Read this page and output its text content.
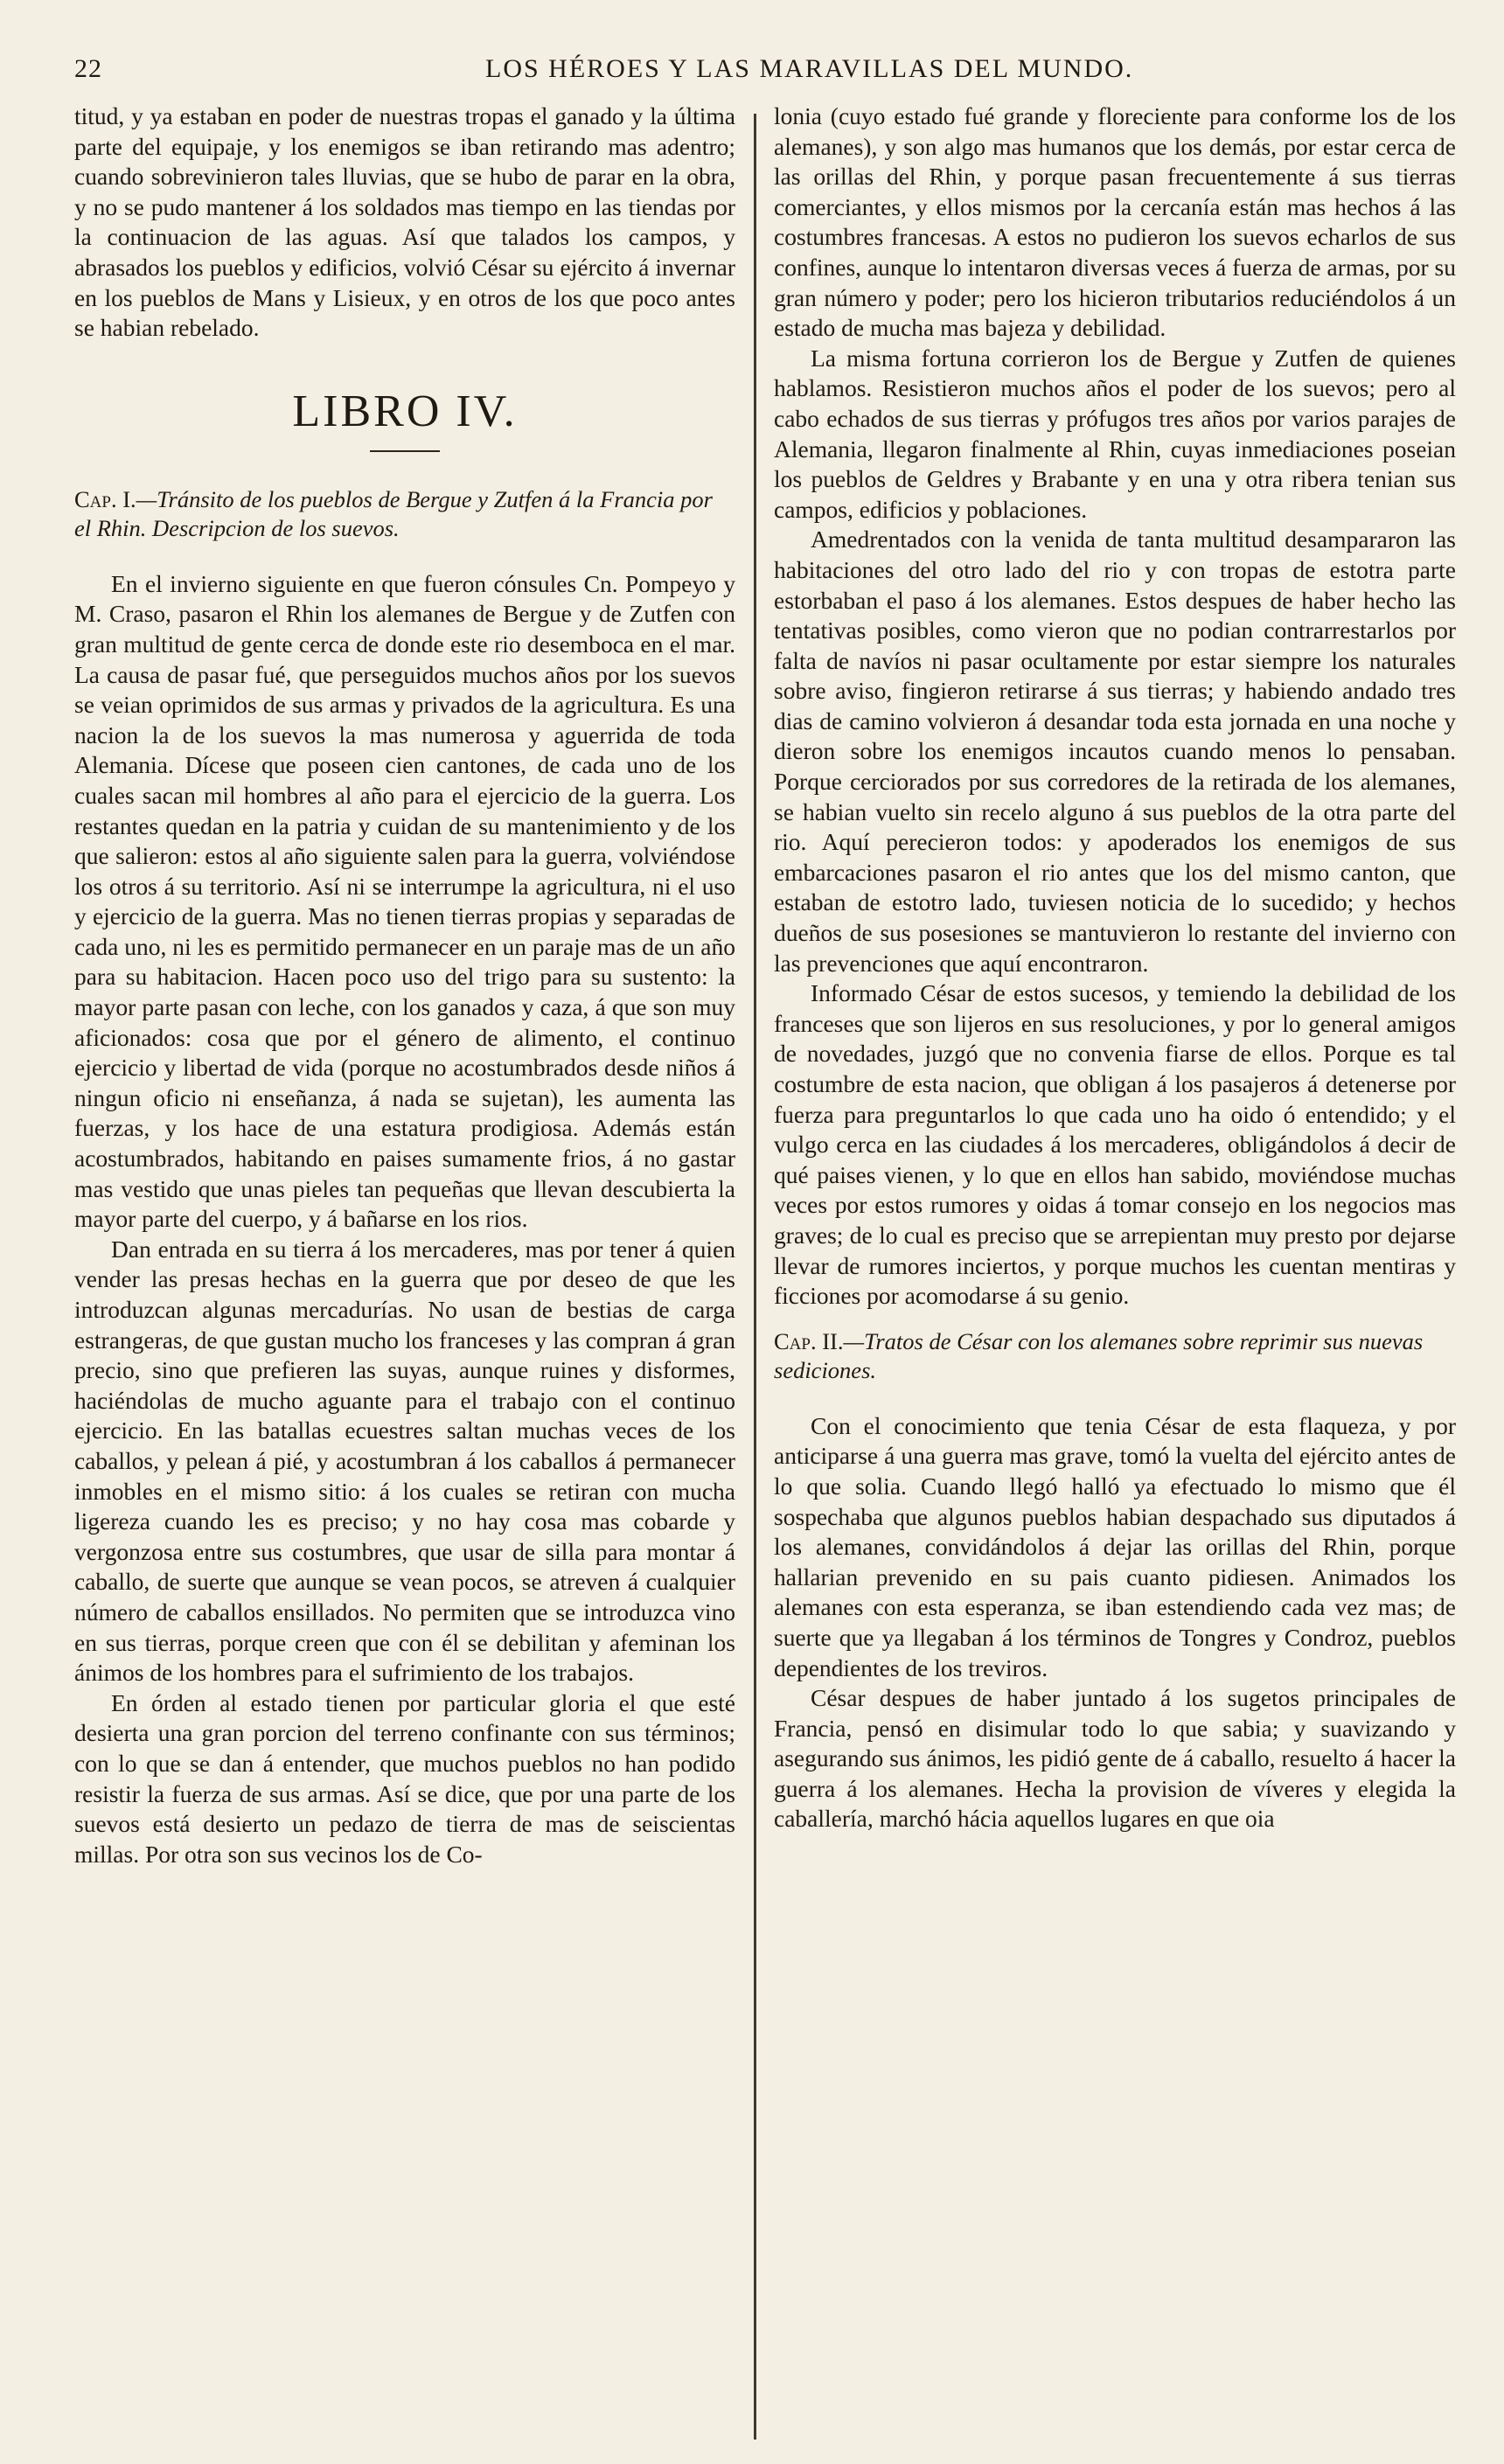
22	LOS HÉROES Y LAS MARAVILLAS DEL MUNDO.

titud, y ya estaban en poder de nuestras tropas el ganado y la última parte del equipaje, y los enemigos se iban retirando mas adentro; cuando sobrevinieron tales lluvias, que se hubo de parar en la obra, y no se pudo mantener á los soldados mas tiempo en las tiendas por la continuacion de las aguas. Así que talados los campos, y abrasados los pueblos y edificios, volvió César su ejército á invernar en los pueblos de Mans y Lisieux, y en otros de los que poco antes se habian rebelado.

LIBRO IV.
Cap. I.—Tránsito de los pueblos de Bergue y Zutfen á la Francia por el Rhin. Descripcion de los suevos.

En el invierno siguiente en que fueron cónsules Cn. Pompeyo y M. Craso, pasaron el Rhin los alemanes de Bergue y de Zutfen con gran multitud de gente cerca de donde este rio desemboca en el mar. La causa de pasar fué, que perseguidos muchos años por los suevos se veian oprimidos de sus armas y privados de la agricultura. Es una nacion la de los suevos la mas numerosa y aguerrida de toda Alemania. Dícese que poseen cien cantones, de cada uno de los cuales sacan mil hombres al año para el ejercicio de la guerra. Los restantes quedan en la patria y cuidan de su mantenimiento y de los que salieron: estos al año siguiente salen para la guerra, volviéndose los otros á su territorio. Así ni se interrumpe la agricultura, ni el uso y ejercicio de la guerra. Mas no tienen tierras propias y separadas de cada uno, ni les es permitido permanecer en un paraje mas de un año para su habitacion. Hacen poco uso del trigo para su sustento: la mayor parte pasan con leche, con los ganados y caza, á que son muy aficionados: cosa que por el género de alimento, el continuo ejercicio y libertad de vida (porque no acostumbrados desde niños á ningun oficio ni enseñanza, á nada se sujetan), les aumenta las fuerzas, y los hace de una estatura prodigiosa. Además están acostumbrados, habitando en paises sumamente frios, á no gastar mas vestido que unas pieles tan pequeñas que llevan descubierta la mayor parte del cuerpo, y á bañarse en los rios.

Dan entrada en su tierra á los mercaderes, mas por tener á quien vender las presas hechas en la guerra que por deseo de que les introduzcan algunas mercadurías. No usan de bestias de carga estrangeras, de que gustan mucho los franceses y las compran á gran precio, sino que prefieren las suyas, aunque ruines y disformes, haciéndolas de mucho aguante para el trabajo con el continuo ejercicio. En las batallas ecuestres saltan muchas veces de los caballos, y pelean á pié, y acostumbran á los caballos á permanecer inmobles en el mismo sitio: á los cuales se retiran con mucha ligereza cuando les es preciso; y no hay cosa mas cobarde y vergonzosa entre sus costumbres, que usar de silla para montar á caballo, de suerte que aunque se vean pocos, se atreven á cualquier número de caballos ensillados. No permiten que se introduzca vino en sus tierras, porque creen que con él se debilitan y afeminan los ánimos de los hombres para el sufrimiento de los trabajos.

En órden al estado tienen por particular gloria el que esté desierta una gran porcion del terreno confinante con sus términos; con lo que se dan á entender, que muchos pueblos no han podido resistir la fuerza de sus armas. Así se dice, que por una parte de los suevos está desierto un pedazo de tierra de mas de seiscientas millas. Por otra son sus vecinos los de Co-

lonia (cuyo estado fué grande y floreciente para conforme los de los alemanes), y son algo mas humanos que los demás, por estar cerca de las orillas del Rhin, y porque pasan frecuentemente á sus tierras comerciantes, y ellos mismos por la cercanía están mas hechos á las costumbres francesas. A estos no pudieron los suevos echarlos de sus confines, aunque lo intentaron diversas veces á fuerza de armas, por su gran número y poder; pero los hicieron tributarios reduciéndolos á un estado de mucha mas bajeza y debilidad.

La misma fortuna corrieron los de Bergue y Zutfen de quienes hablamos. Resistieron muchos años el poder de los suevos; pero al cabo echados de sus tierras y prófugos tres años por varios parajes de Alemania, llegaron finalmente al Rhin, cuyas inmediaciones poseian los pueblos de Geldres y Brabante y en una y otra ribera tenian sus campos, edificios y poblaciones.

Amedrentados con la venida de tanta multitud desampararon las habitaciones del otro lado del rio y con tropas de estotra parte estorbaban el paso á los alemanes. Estos despues de haber hecho las tentativas posibles, como vieron que no podian contrarrestarlos por falta de navíos ni pasar ocultamente por estar siempre los naturales sobre aviso, fingieron retirarse á sus tierras; y habiendo andado tres dias de camino volvieron á desandar toda esta jornada en una noche y dieron sobre los enemigos incautos cuando menos lo pensaban. Porque cerciorados por sus corredores de la retirada de los alemanes, se habian vuelto sin recelo alguno á sus pueblos de la otra parte del rio. Aquí perecieron todos: y apoderados los enemigos de sus embarcaciones pasaron el rio antes que los del mismo canton, que estaban de estotro lado, tuviesen noticia de lo sucedido; y hechos dueños de sus posesiones se mantuvieron lo restante del invierno con las prevenciones que aquí encontraron.

Informado César de estos sucesos, y temiendo la debilidad de los franceses que son lijeros en sus resoluciones, y por lo general amigos de novedades, juzgó que no convenia fiarse de ellos. Porque es tal costumbre de esta nacion, que obligan á los pasajeros á detenerse por fuerza para preguntarlos lo que cada uno ha oido ó entendido; y el vulgo cerca en las ciudades á los mercaderes, obligándolos á decir de qué paises vienen, y lo que en ellos han sabido, moviéndose muchas veces por estos rumores y oidas á tomar consejo en los negocios mas graves; de lo cual es preciso que se arrepientan muy presto por dejarse llevar de rumores inciertos, y porque muchos les cuentan mentiras y ficciones por acomodarse á su genio.

Cap. II.—Tratos de César con los alemanes sobre reprimir sus nuevas sediciones.

Con el conocimiento que tenia César de esta flaqueza, y por anticiparse á una guerra mas grave, tomó la vuelta del ejército antes de lo que solia. Cuando llegó halló ya efectuado lo mismo que él sospechaba que algunos pueblos habian despachado sus diputados á los alemanes, convidándolos á dejar las orillas del Rhin, porque hallarian prevenido en su pais cuanto pidiesen. Animados los alemanes con esta esperanza, se iban estendiendo cada vez mas; de suerte que ya llegaban á los términos de Tongres y Condroz, pueblos dependientes de los treviros.

César despues de haber juntado á los sugetos principales de Francia, pensó en disimular todo lo que sabia; y suavizando y asegurando sus ánimos, les pidió gente de á caballo, resuelto á hacer la guerra á los alemanes. Hecha la provision de víveres y elegida la caballería, marchó hácia aquellos lugares en que oia
